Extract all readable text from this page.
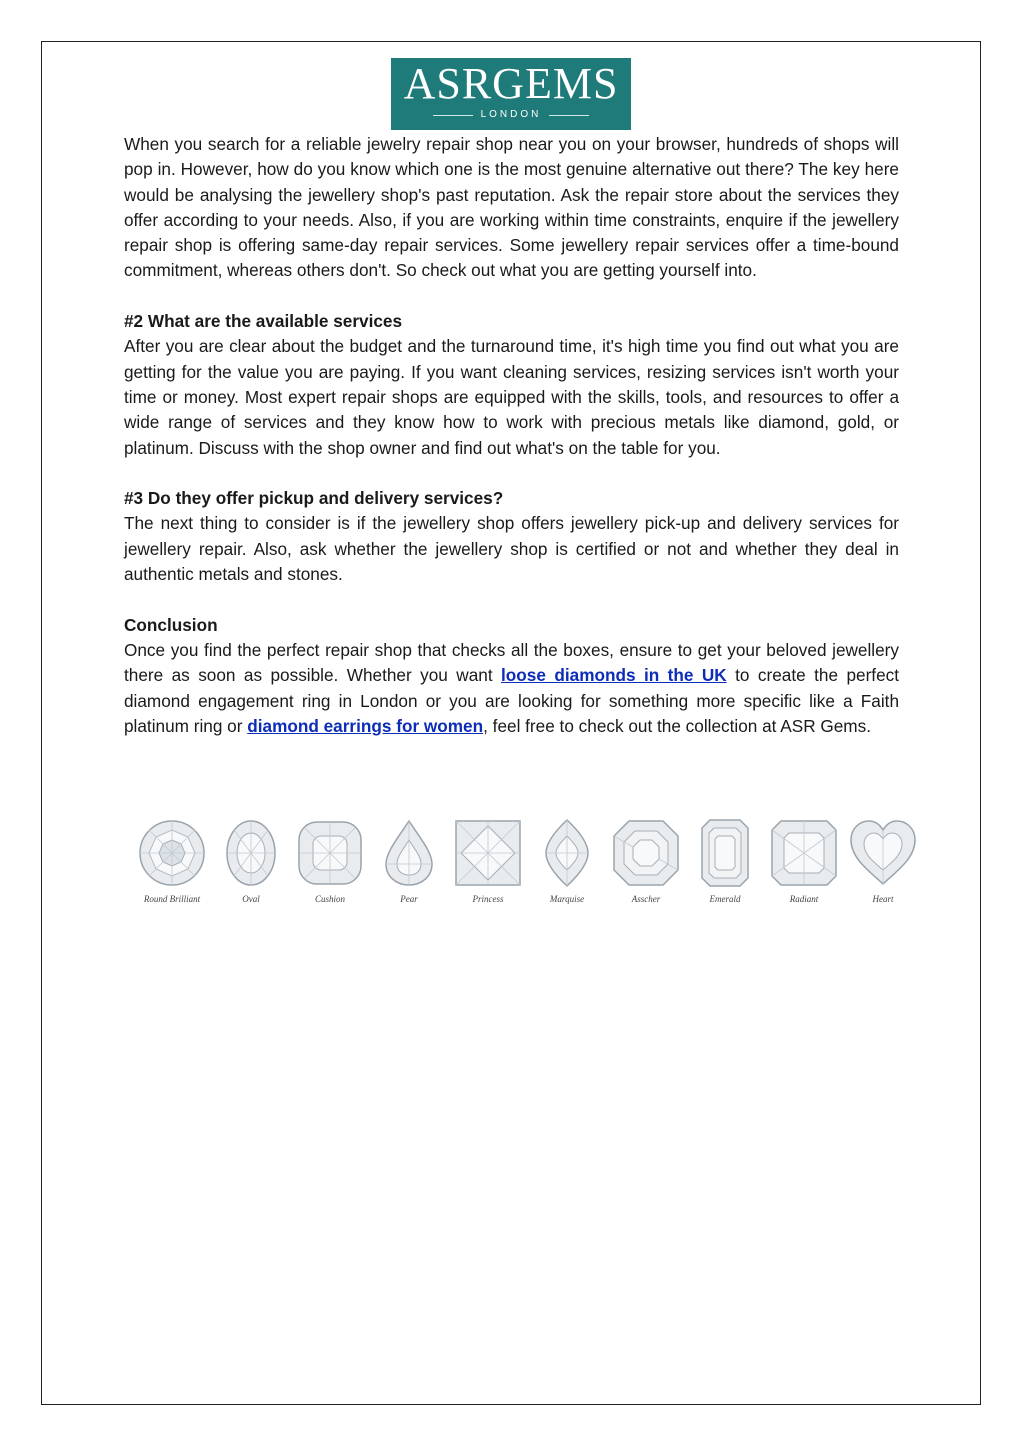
ASRGEMS
LONDON

When you search for a reliable jewelry repair shop near you on your browser, hundreds of shops will pop in. However, how do you know which one is the most genuine alternative out there? The key here would be analysing the jewellery shop's past reputation. Ask the repair store about the services they offer according to your needs. Also, if you are working within time constraints, enquire if the jewellery repair shop is offering same-day repair services. Some jewellery repair services offer a time-bound commitment, whereas others don't. So check out what you are getting yourself into.

#2 What are the available services

After you are clear about the budget and the turnaround time, it's high time you find out what you are getting for the value you are paying. If you want cleaning services, resizing services isn't worth your time or money. Most expert repair shops are equipped with the skills, tools, and resources to offer a wide range of services and they know how to work with precious metals like diamond, gold, or platinum. Discuss with the shop owner and find out what's on the table for you.

#3 Do they offer pickup and delivery services?

The next thing to consider is if the jewellery shop offers jewellery pick-up and delivery services for jewellery repair. Also, ask whether the jewellery shop is certified or not and whether they deal in authentic metals and stones.

Conclusion

Once you find the perfect repair shop that checks all the boxes, ensure to get your beloved jewellery there as soon as possible. Whether you want loose diamonds in the UK to create the perfect diamond engagement ring in London or you are looking for something more specific like a Faith platinum ring or diamond earrings for women, feel free to check out the collection at ASR Gems.

Round Brilliant	Oval	Cushion	Pear	Princess	Marquise	Asscher	Emerald	Radiant	Heart
